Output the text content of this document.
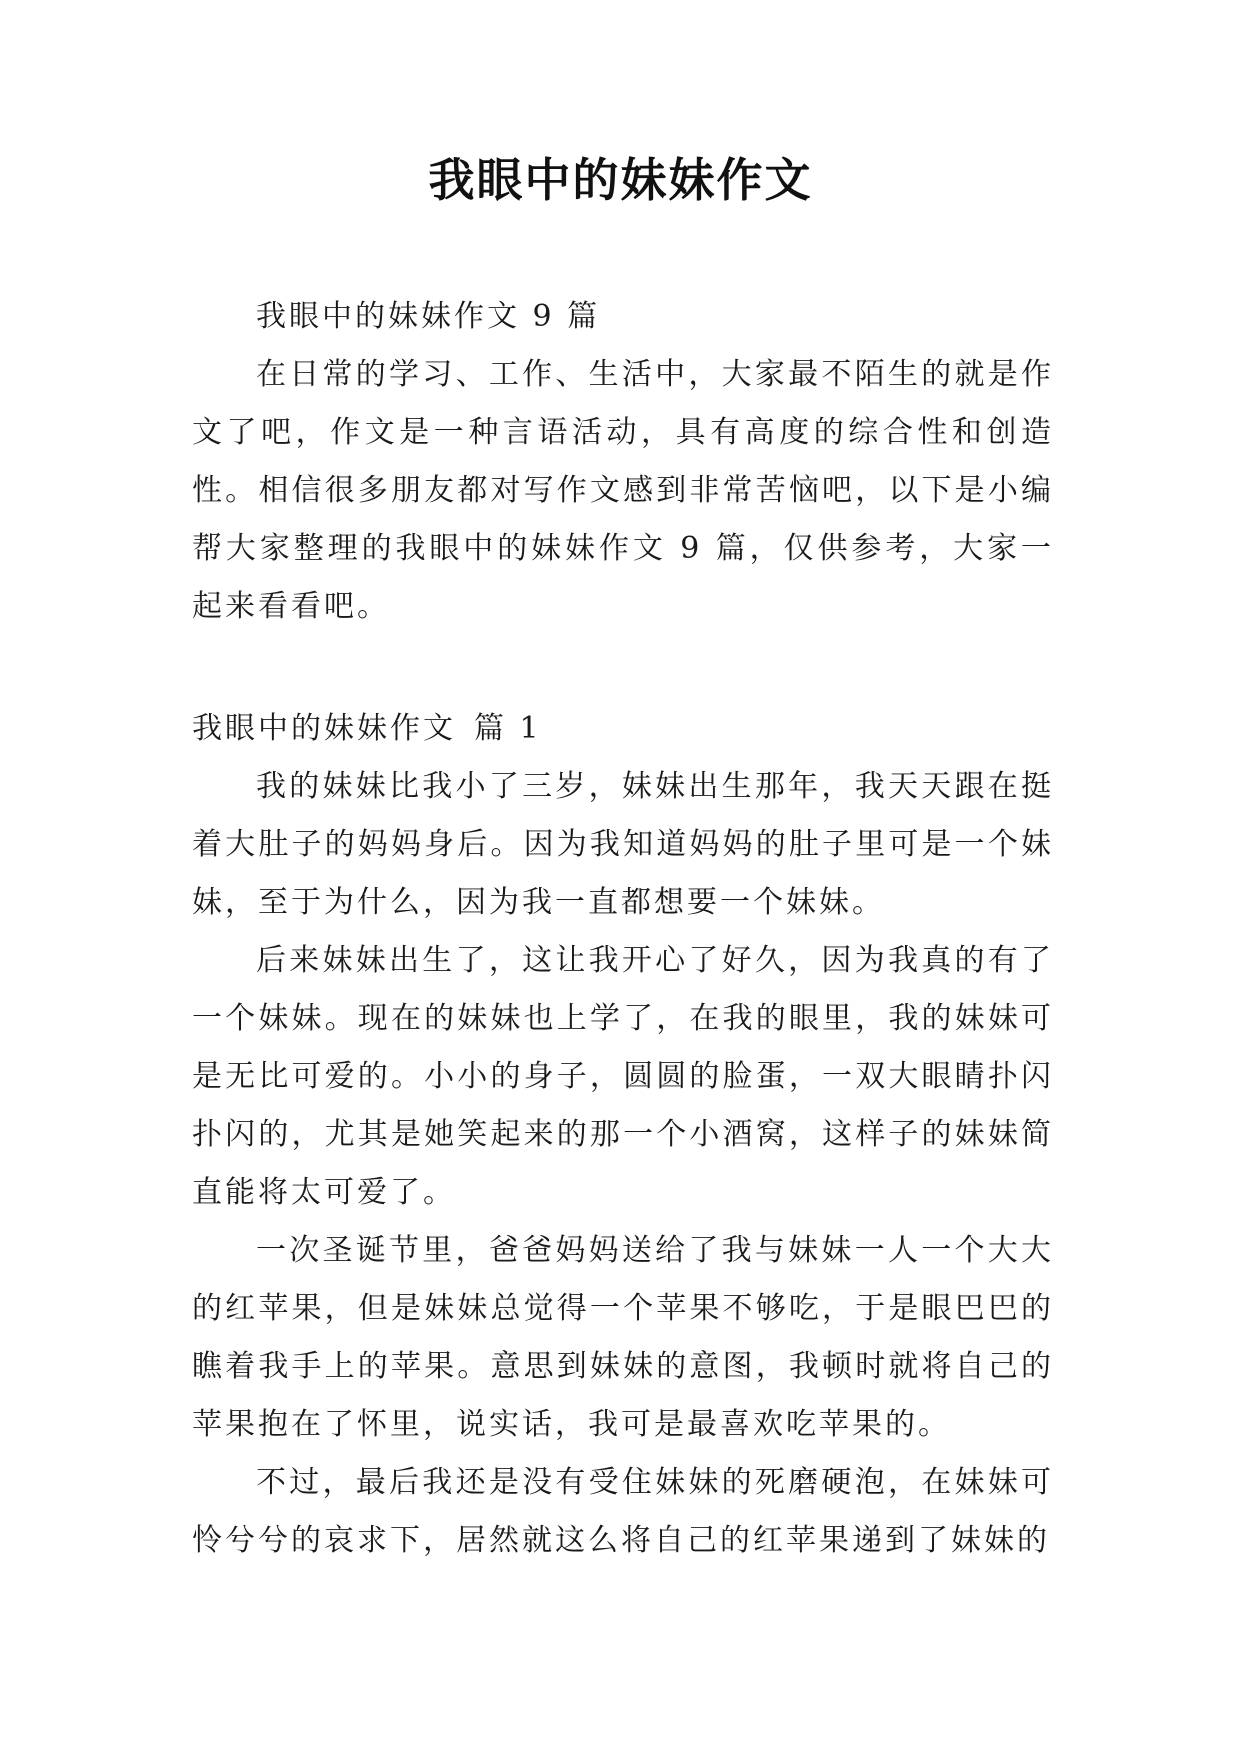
我眼中的妹妹作文

我眼中的妹妹作文 9 篇

在日常的学习、工作、生活中，大家最不陌生的就是作文了吧，作文是一种言语活动，具有高度的综合性和创造性。相信很多朋友都对写作文感到非常苦恼吧，以下是小编帮大家整理的我眼中的妹妹作文 9 篇，仅供参考，大家一起来看看吧。

我眼中的妹妹作文 篇 1

我的妹妹比我小了三岁，妹妹出生那年，我天天跟在挺着大肚子的妈妈身后。因为我知道妈妈的肚子里可是一个妹妹，至于为什么，因为我一直都想要一个妹妹。

后来妹妹出生了，这让我开心了好久，因为我真的有了一个妹妹。现在的妹妹也上学了，在我的眼里，我的妹妹可是无比可爱的。小小的身子，圆圆的脸蛋，一双大眼睛扑闪扑闪的，尤其是她笑起来的那一个小酒窝，这样子的妹妹简直能将太可爱了。

一次圣诞节里，爸爸妈妈送给了我与妹妹一人一个大大的红苹果，但是妹妹总觉得一个苹果不够吃，于是眼巴巴的瞧着我手上的苹果。意思到妹妹的意图，我顿时就将自己的苹果抱在了怀里，说实话，我可是最喜欢吃苹果的。

不过，最后我还是没有受住妹妹的死磨硬泡，在妹妹可怜兮兮的哀求下，居然就这么将自己的红苹果递到了妹妹的
